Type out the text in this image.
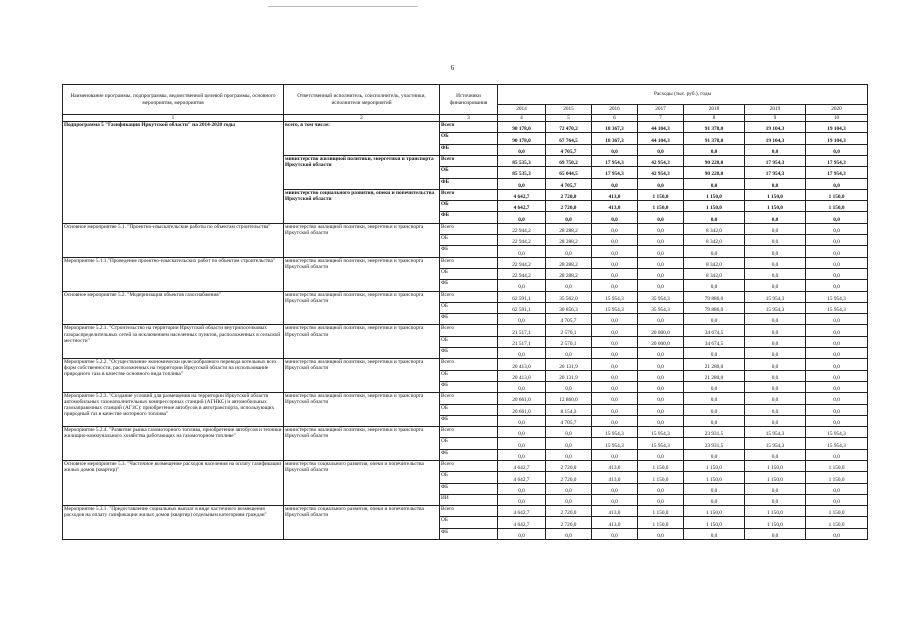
6
Наименование программы, подпрограммы, ведомственной целевой программы, основного мероприятия, мероприятия	Ответственный исполнитель, соисполнитель, участники, исполнители мероприятий	Источники финансирования	Расходы (тыс. руб.), годы						
			2014	2015	2016	2017	2018	2019	2020
1	2	3	4	5	6	7	8	9	10
Подпрограмма 5 "Газификация Иркутской области" на 2014-2020 годы	всего, в том числе:	Всего	90 178,0	72 470,2	18 367,3	44 104,3	91 378,0	19 104,3	19 104,3
		ОБ	90 178,0	67 764,5	18 367,3	44 104,3	91 378,0	19 104,3	19 104,3
		ФБ	0,0	4 705,7	0,0	0,0	0,0	0,0	0,0
	министерство жилищной политики, энергетики и транспорта Иркутской области	Всего	85 535,3	69 750,2	17 954,3	42 954,3	90 228,0	17 954,3	17 954,3
		ОБ	85 535,3	65 044,5	17 954,3	42 954,3	90 228,0	17 954,3	17 954,3
		ФБ	0,0	4 705,7	0,0	0,0	0,0	0,0	0,0
	министерство социального развития, опеки и попечительства Иркутской области	Всего	4 642,7	2 720,0	413,0	1 150,0	1 150,0	1 150,0	1 150,0
		ОБ	4 642,7	2 720,0	413,0	1 150,0	1 150,0	1 150,0	1 150,0
		ФБ	0,0	0,0	0,0	0,0	0,0	0,0	0,0
Основное мероприятие 5.1. "Проектно-изыскательские работы по объектам строительства"	министерство жилищной политики, энергетики и транспорта Иркутской области	Всего	22 944,2	28 288,2	0,0	0,0	8 342,0	0,0	0,0
		ОБ	22 944,2	28 288,2	0,0	0,0	8 342,0	0,0	0,0
		ФБ	0,0	0,0	0,0	0,0	0,0	0,0	0,0
Мероприятие 5.1.1."Проведение проектно-изыскательских работ по объектам строительства"	министерство жилищной политики, энергетики и транспорта Иркутской области	Всего	22 944,2	28 288,2	0,0	0,0	8 342,0	0,0	0,0
		ОБ	22 944,2	28 288,2	0,0	0,0	8 342,0	0,0	0,0
		ФБ	0,0	0,0	0,0	0,0	0,0	0,0	0,0
Основное мероприятие 5.2. "Модернизация объектов газоснабжения"	министерство жилищной политики, энергетики и транспорта Иркутской области	Всего	62 591,1	35 562,0	15 954,3	35 954,3	79 886,0	15 954,3	15 954,3
		ОБ	62 591,1	30 856,3	15 954,3	35 954,3	79 886,0	15 954,3	15 954,3
		ФБ	0,0	4 705,7	0,0	0,0	0,0	0,0	0,0
Мероприятие 5.2.1. "Строительство на территории Иркутской области внутрипоселковых газораспределительных сетей за исключением населенных пунктов, расположенных в сельской местности"	министерство жилищной политики, энергетики и транспорта Иркутской области	Всего	21 517,1	2 570,1	0,0	20 000,0	34 674,5	0,0	0,0
		ОБ	21 517,1	2 570,1	0,0	20 000,0	34 674,5	0,0	0,0
		ФБ	0,0	0,0	0,0	0,0	0,0	0,0	0,0
Мероприятие 5.2.2. "Осуществление экономически целесообразного перевода котельных всех форм собственности, расположенных на территории Иркутской области на использование природного газа в качестве основного вида топлива"	министерство жилищной политики, энергетики и транспорта Иркутской области	Всего	20 413,0	20 131,9	0,0	0,0	21 280,0	0,0	0,0
		ОБ	20 413,0	20 131,9	0,0	0,0	21 280,0	0,0	0,0
		ФБ	0,0	0,0	0,0	0,0	0,0	0,0	0,0
Мероприятие 5.2.3. "Создание условий для размещения на территории Иркутской области автомобильных газонаполнительных компрессорных станций (АГНКС) и автомобильных газозаправочных станций (АГЗС): приобретение автобусов в автотранспорта, использующих природный газ в качестве моторного топлива"	министерство жилищной политики, энергетики и транспорта Иркутской области	Всего	20 661,0	12 860,0	0,0	0,0	0,0	0,0	0,0
		ОБ	20 661,0	8 154,3	0,0	0,0	0,0	0,0	0,0
		ФБ	0,0	4 705,7	0,0	0,0	0,0	0,0	0,0
Мероприятие 5.2.4. "Развитие рынка газомоторного топлива, приобретение автобусов и техники жилищно-коммунального хозяйства работающих на газомоторном топливе"	министерство жилищной политики, энергетики и транспорта Иркутской области	Всего	0,0	0,0	15 954,3	15 954,3	23 931,5	15 954,3	15 954,3
		ОБ	0,0	0,0	15 954,3	15 954,3	23 931,5	15 954,3	15 954,3
		ФБ	0,0	0,0	0,0	0,0	0,0	0,0	0,0
Основное мероприятие 5.3. "Частичное возмещение расходов населения на оплату газификации жилых домов (квартир)"	министерство социального развития, опеки и попечительства Иркутской области	Всего	4 642,7	2 720,0	413,0	1 150,0	1 150,0	1 150,0	1 150,0
		ОБ	4 642,7	2 720,0	413,0	1 150,0	1 150,0	1 150,0	1 150,0
		ФБ	0,0	0,0	0,0	0,0	0,0	0,0	0,0
		ИИ	0,0	0,0	0,0	0,0	0,0	0,0	0,0
Мероприятие 5.3.1. "Предоставление социальных выплат в виде частичного возмещения расходов на оплату газификации жилых домов (квартир) отдельным категориям граждан"	министерство социального развития, опеки и попечительства Иркутской области	Всего	4 642,7	2 720,0	413,0	1 150,0	1 150,0	1 150,0	1 150,0
		ОБ	4 642,7	2 720,0	413,0	1 150,0	1 150,0	1 150,0	1 150,0
		ФБ	0,0	0,0	0,0	0,0	0,0	0,0	0,0
